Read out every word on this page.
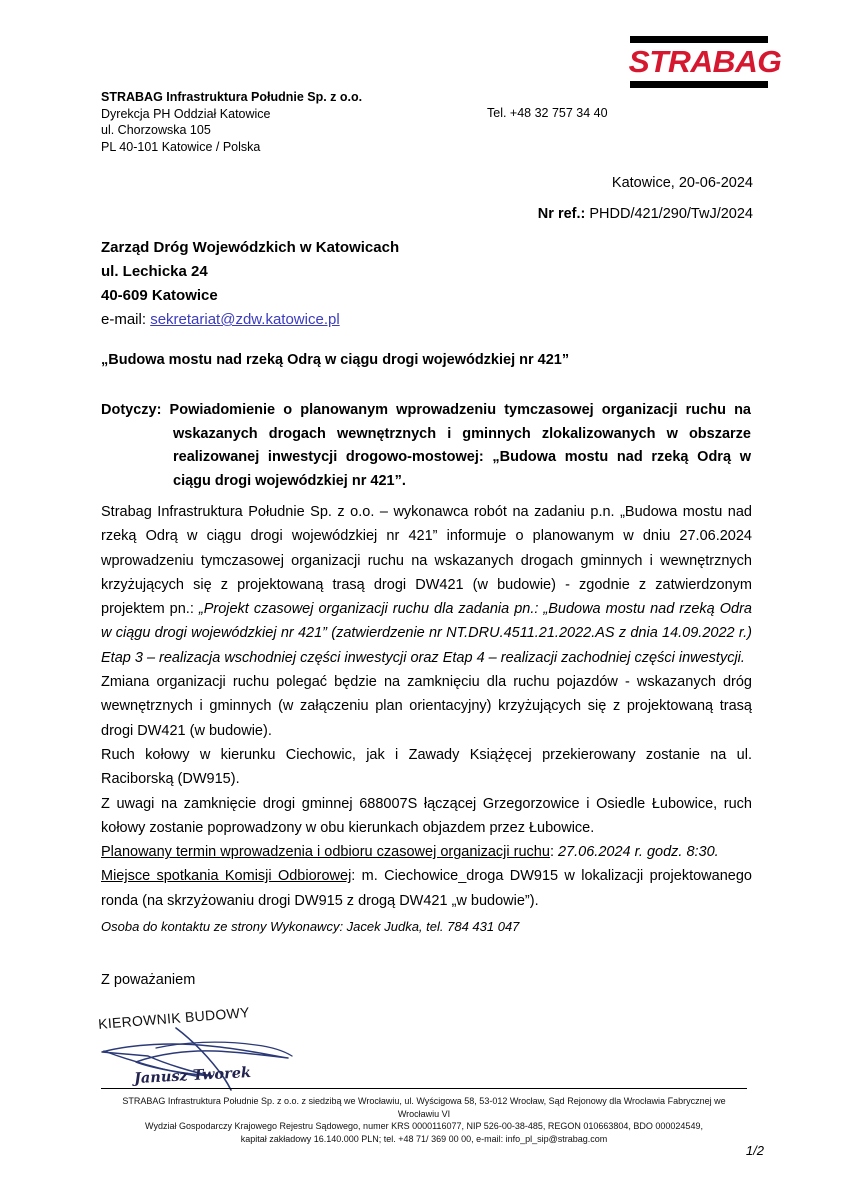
STRABAG
STRABAG Infrastruktura Południe Sp. z o.o.
Dyrekcja PH Oddział Katowice
ul. Chorzowska 105
PL 40-101 Katowice / Polska
Tel. +48 32 757 34 40
Katowice, 20-06-2024
Nr ref.: PHDD/421/290/TwJ/2024
Zarząd Dróg Wojewódzkich w Katowicach
ul. Lechicka 24
40-609 Katowice
e-mail: sekretariat@zdw.katowice.pl
„Budowa mostu nad rzeką Odrą w ciągu drogi wojewódzkiej nr 421”
Dotyczy: Powiadomienie o planowanym wprowadzeniu tymczasowej organizacji ruchu na wskazanych drogach wewnętrznych i gminnych zlokalizowanych w obszarze realizowanej inwestycji drogowo-mostowej: „Budowa mostu nad rzeką Odrą w ciągu drogi wojewódzkiej nr 421”.

Strabag Infrastruktura Południe Sp. z o.o. – wykonawca robót na zadaniu p.n. „Budowa mostu nad rzeką Odrą w ciągu drogi wojewódzkiej nr 421” informuje o planowanym w dniu 27.06.2024 wprowadzeniu tymczasowej organizacji ruchu na wskazanych drogach gminnych i wewnętrznych krzyżujących się z projektowaną trasą drogi DW421 (w budowie) - zgodnie z zatwierdzonym projektem pn.: „Projekt czasowej organizacji ruchu dla zadania pn.: „Budowa mostu nad rzeką Odra w ciągu drogi wojewódzkiej nr 421” (zatwierdzenie nr NT.DRU.4511.21.2022.AS z dnia 14.09.2022 r.) Etap 3 – realizacja wschodniej części inwestycji oraz Etap 4 – realizacji zachodniej części inwestycji.

Zmiana organizacji ruchu polegać będzie na zamknięciu dla ruchu pojazdów - wskazanych dróg wewnętrznych i gminnych (w załączeniu plan orientacyjny) krzyżujących się z projektowaną trasą drogi DW421 (w budowie).

Ruch kołowy w kierunku Ciechowic, jak i Zawady Książęcej przekierowany zostanie na ul. Raciborską (DW915).

Z uwagi na zamknięcie drogi gminnej 688007S łączącej Grzegorzowice i Osiedle Łubowice, ruch kołowy zostanie poprowadzony w obu kierunkach objazdem przez Łubowice.

Planowany termin wprowadzenia i odbioru czasowej organizacji ruchu: 27.06.2024 r. godz. 8:30.

Miejsce spotkania Komisji Odbiorowej: m. Ciechowice_droga DW915 w lokalizacji projektowanego ronda (na skrzyżowaniu drogi DW915 z drogą DW421 „w budowie”).

Osoba do kontaktu ze strony Wykonawcy: Jacek Judka, tel. 784 431 047
Z poważaniem
KIEROWNIK BUDOWY
Janusz Tworek
STRABAG Infrastruktura Południe Sp. z o.o. z siedzibą we Wrocławiu, ul. Wyścigowa 58, 53-012 Wrocław, Sąd Rejonowy dla Wrocławia Fabrycznej we Wrocławiu VI
Wydział Gospodarczy Krajowego Rejestru Sądowego, numer KRS 0000116077, NIP 526-00-38-485, REGON 010663804, BDO 000024549,
kapitał zakładowy 16.140.000 PLN; tel. +48 71/ 369 00 00, e-mail: info_pl_sip@strabag.com
1/2
